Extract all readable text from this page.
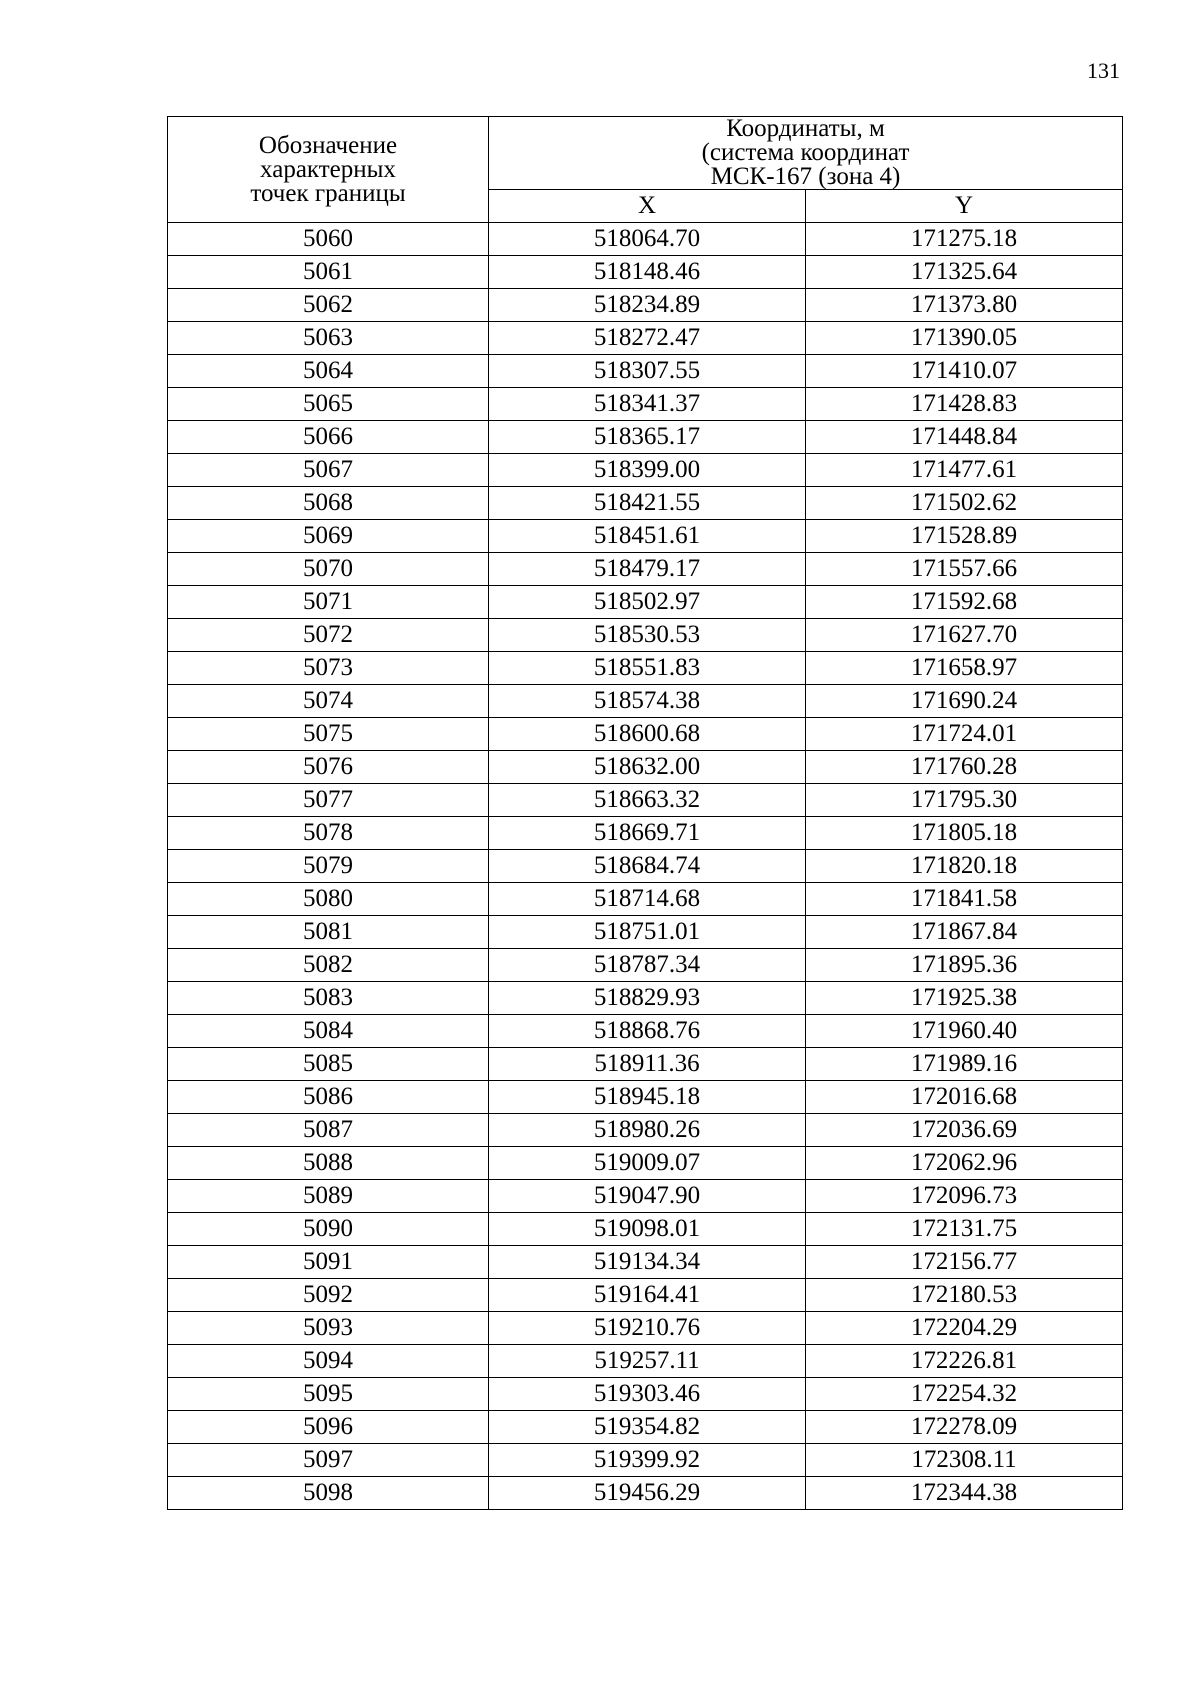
131
Обозначение
характерных
точек границы	Координаты, м
(система координат
МСК-167 (зона 4)	

	X	Y
5060	518064.70	171275.18
5061	518148.46	171325.64
5062	518234.89	171373.80
5063	518272.47	171390.05
5064	518307.55	171410.07
5065	518341.37	171428.83
5066	518365.17	171448.84
5067	518399.00	171477.61
5068	518421.55	171502.62
5069	518451.61	171528.89
5070	518479.17	171557.66
5071	518502.97	171592.68
5072	518530.53	171627.70
5073	518551.83	171658.97
5074	518574.38	171690.24
5075	518600.68	171724.01
5076	518632.00	171760.28
5077	518663.32	171795.30
5078	518669.71	171805.18
5079	518684.74	171820.18
5080	518714.68	171841.58
5081	518751.01	171867.84
5082	518787.34	171895.36
5083	518829.93	171925.38
5084	518868.76	171960.40
5085	518911.36	171989.16
5086	518945.18	172016.68
5087	518980.26	172036.69
5088	519009.07	172062.96
5089	519047.90	172096.73
5090	519098.01	172131.75
5091	519134.34	172156.77
5092	519164.41	172180.53
5093	519210.76	172204.29
5094	519257.11	172226.81
5095	519303.46	172254.32
5096	519354.82	172278.09
5097	519399.92	172308.11
5098	519456.29	172344.38
